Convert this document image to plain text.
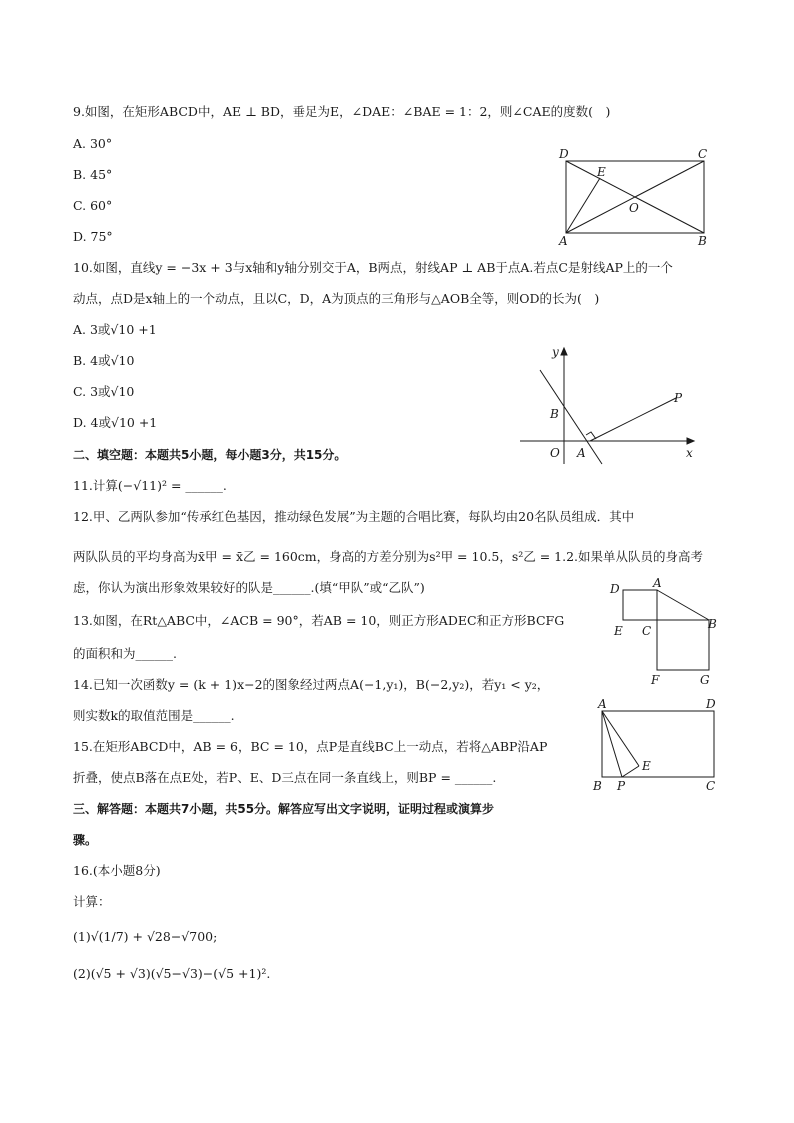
9.如图，在矩形ABCD中，AE ⊥ BD，垂足为E，∠DAE：∠BAE = 1：2，则∠CAE的度数(　)
A. 30°
B. 45°
C. 60°
D. 75°
D	C
E
O
A	B
10.如图，直线y = −3x + 3与x轴和y轴分别交于A，B两点，射线AP ⊥ AB于点A.若点C是射线AP上的一个
动点，点D是x轴上的一个动点，且以C，D，A为顶点的三角形与△AOB全等，则OD的长为(　)
A. 3或√10 +1
B. 4或√10
C. 3或√10
D. 4或√10 +1
y
x
O A
B
P
二、填空题：本题共5小题，每小题3分，共15分。
11.计算(−√11)² = ______.
12.甲、乙两队参加“传承红色基因，推动绿色发展”为主题的合唱比赛，每队均由20名队员组成．其中
两队队员的平均身高为x̄甲 = x̄乙 = 160cm，身高的方差分别为s²甲 = 10.5，s²乙 = 1.2.如果单从队员的身高考
虑，你认为演出形象效果较好的队是______.(填“甲队”或“乙队”)
13.如图，在Rt△ABC中，∠ACB = 90°，若AB = 10，则正方形ADEC和正方形BCFG
的面积和为______.
D	A
E C	B
F	G
14.已知一次函数y = (k + 1)x−2的图象经过两点A(−1,y₁)，B(−2,y₂)，若y₁ < y₂，
则实数k的取值范围是______.
15.在矩形ABCD中，AB = 6，BC = 10，点P是直线BC上一动点，若将△ABP沿AP
折叠，使点B落在点E处，若P、E、D三点在同一条直线上，则BP = ______.
A	D
E
B P	C
三、解答题：本题共7小题，共55分。解答应写出文字说明，证明过程或演算步
骤。
16.(本小题8分)
计算：
(1)√(1/7) + √28−√700;
(2)(√5 + √3)(√5−√3)−(√5 +1)².
